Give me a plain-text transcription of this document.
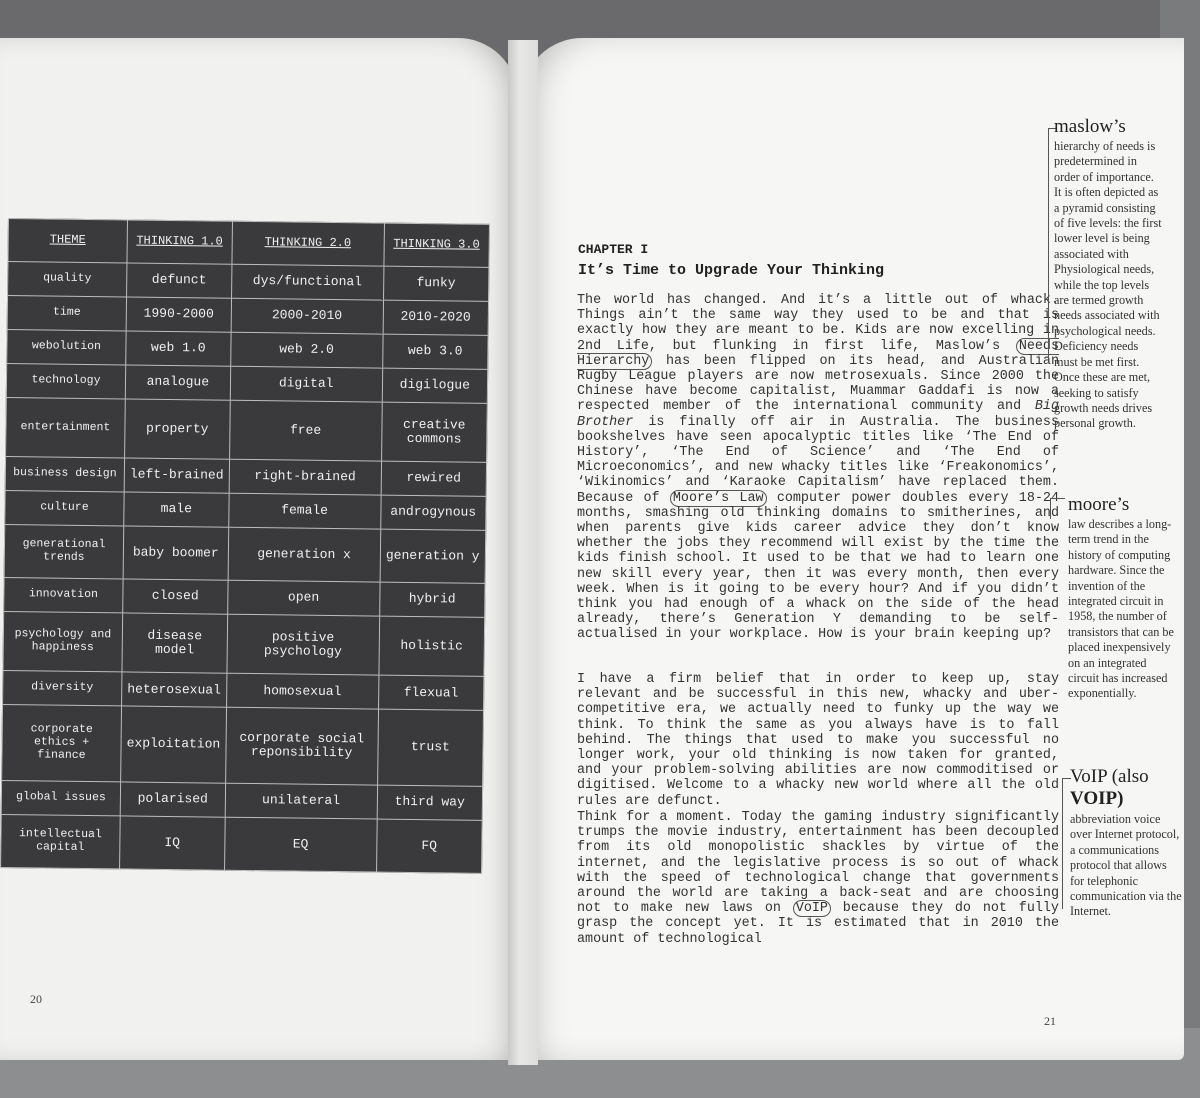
THEME	THINKING 1.0	THINKING 2.0	THINKING 3.0
quality	defunct	dys/functional	funky
time	1990-2000	2000-2010	2010-2020
webolution	web 1.0	web 2.0	web 3.0
technology	analogue	digital	digilogue
entertainment	property	free	creative commons
business design	left-brained	right-brained	rewired
culture	male	female	androgynous
generational trends	baby boomer	generation x	generation y
innovation	closed	open	hybrid
psychology and happiness	disease model	positive psychology	holistic
diversity	heterosexual	homosexual	flexual
corporate ethics + finance	exploitation	corporate social reponsibility	trust
global issues	polarised	unilateral	third way
intellectual capital	IQ	EQ	FQ
20
CHAPTER I
It’s Time to Upgrade Your Thinking

The world has changed. And it’s a little out of whack. Things ain’t the same way they used to be and that is exactly how they are meant to be. Kids are now excelling in 2nd Life, but flunking in first life, Maslow’s Needs Hierarchy has been flipped on its head, and Australian Rugby League players are now metrosexuals. Since 2000 the Chinese have become capitalist, Muammar Gaddafi is now a respected member of the international community and Big Brother is finally off air in Australia. The business bookshelves have seen apocalyptic titles like ‘The End of History’, ‘The End of Science’ and ‘The End of Microeconomics’, and new whacky titles like ‘Freakonomics’, ‘Wikinomics’ and ‘Karaoke Capitalism’ have replaced them. Because of Moore’s Law computer power doubles every 18-24 months, smashing old thinking domains to smitherines, and when parents give kids career advice they don’t know whether the jobs they recommend will exist by the time the kids finish school. It used to be that we had to learn one new skill every year, then it was every month, then every week. When is it going to be every hour? And if you didn’t think you had enough of a whack on the side of the head already, there’s Generation Y demanding to be self-actualised in your workplace. How is your brain keeping up?

I have a firm belief that in order to keep up, stay relevant and be successful in this new, whacky and uber-competitive era, we actually need to funky up the way we think. To think the same as you always have is to fall behind. The things that used to make you successful no longer work, your old thinking is now taken for granted, and your problem-solving abilities are now commoditised or digitised. Welcome to a whacky new world where all the old rules are defunct.

Think for a moment. Today the gaming industry significantly trumps the movie industry, entertainment has been decoupled from its old monopolistic shackles by virtue of the internet, and the legislative process is so out of whack with the speed of technological change that governments around the world are taking a back-seat and are choosing not to make new laws on VoIP because they do not fully grasp the concept yet. It is estimated that in 2010 the amount of technological

21
maslow’s

hierarchy of needs is predetermined in order of importance. It is often depicted as a pyramid consisting of five levels: the first lower level is being associated with Physiological needs, while the top levels are termed growth needs associated with psychological needs. Deficiency needs must be met first. Once these are met, seeking to satisfy growth needs drives personal growth.

moore’s

law describes a long-term trend in the history of computing hardware. Since the invention of the integrated circuit in 1958, the number of transistors that can be placed inexpensively on an integrated circuit has increased exponentially.

VoIP (also
VOIP)

abbreviation voice over Internet protocol, a communications protocol that allows for telephonic communication via the Internet.
